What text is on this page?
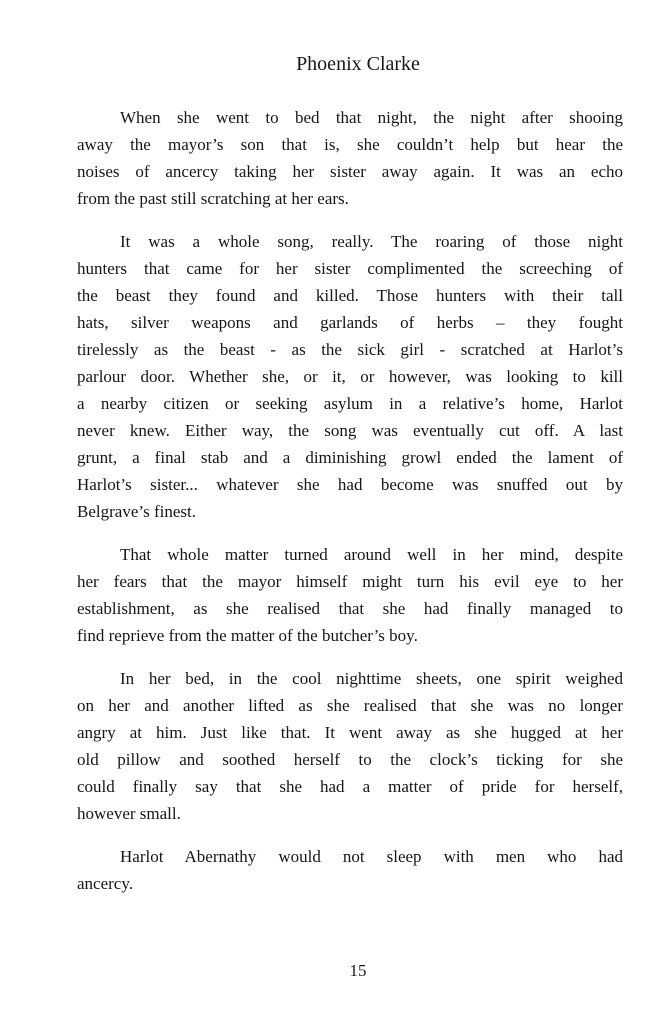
Phoenix Clarke
When she went to bed that night, the night after shooing
away the mayor’s son that is, she couldn’t help but hear the
noises of ancercy taking her sister away again. It was an echo
from the past still scratching at her ears.
It was a whole song, really. The roaring of those night
hunters that came for her sister complimented the screeching of
the beast they found and killed. Those hunters with their tall
hats, silver weapons and garlands of herbs – they fought
tirelessly as the beast - as the sick girl - scratched at Harlot’s
parlour door. Whether she, or it, or however, was looking to kill
a nearby citizen or seeking asylum in a relative’s home, Harlot
never knew. Either way, the song was eventually cut off. A last
grunt, a final stab and a diminishing growl ended the lament of
Harlot’s sister... whatever she had become was snuffed out by
Belgrave’s finest.
That whole matter turned around well in her mind, despite
her fears that the mayor himself might turn his evil eye to her
establishment, as she realised that she had finally managed to
find reprieve from the matter of the butcher’s boy.
In her bed, in the cool nighttime sheets, one spirit weighed
on her and another lifted as she realised that she was no longer
angry at him. Just like that. It went away as she hugged at her
old pillow and soothed herself to the clock’s ticking for she
could finally say that she had a matter of pride for herself,
however small.
Harlot Abernathy would not sleep with men who had
ancercy.
15
